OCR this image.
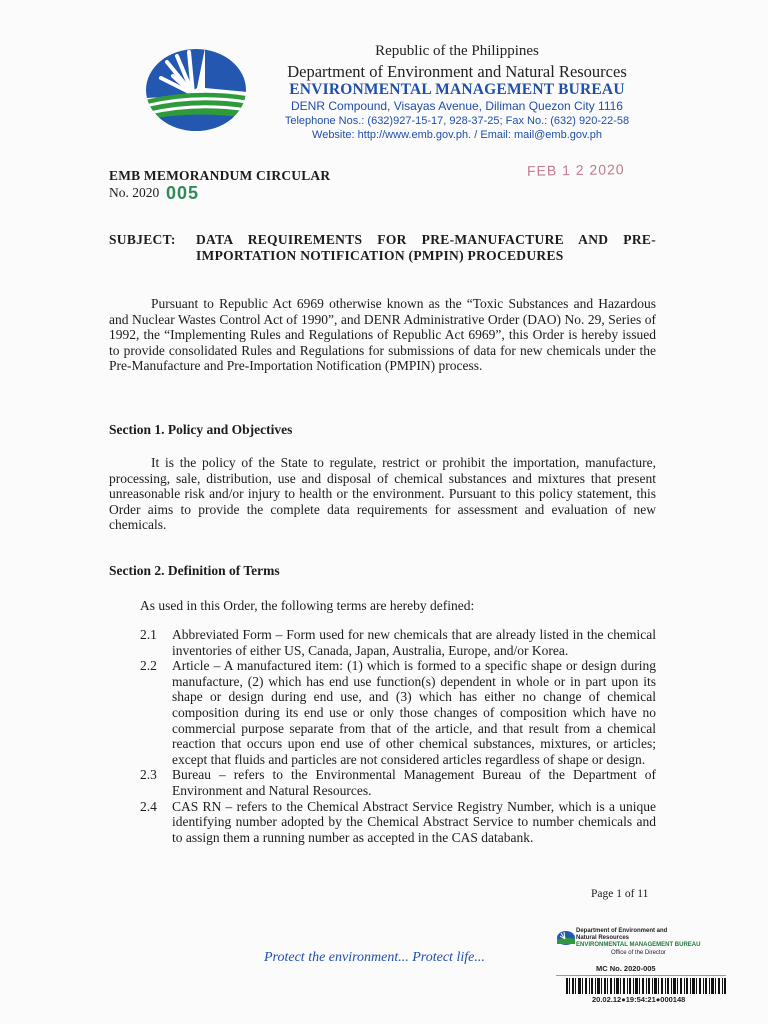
Republic of the Philippines
Department of Environment and Natural Resources
ENVIRONMENTAL MANAGEMENT BUREAU
DENR Compound, Visayas Avenue, Diliman Quezon City 1116
Telephone Nos.: (632)927-15-17, 928-37-25; Fax No.: (632) 920-22-58
Website: http://www.emb.gov.ph. / Email: mail@emb.gov.ph
EMB MEMORANDUM CIRCULAR
No. 2020 005
FEB 1 2 2020
SUBJECT: DATA REQUIREMENTS FOR PRE-MANUFACTURE AND PRE-IMPORTATION NOTIFICATION (PMPIN) PROCEDURES
Pursuant to Republic Act 6969 otherwise known as the “Toxic Substances and Hazardous and Nuclear Wastes Control Act of 1990”, and DENR Administrative Order (DAO) No. 29, Series of 1992, the “Implementing Rules and Regulations of Republic Act 6969”, this Order is hereby issued to provide consolidated Rules and Regulations for submissions of data for new chemicals under the Pre-Manufacture and Pre-Importation Notification (PMPIN) process.
Section 1. Policy and Objectives
It is the policy of the State to regulate, restrict or prohibit the importation, manufacture, processing, sale, distribution, use and disposal of chemical substances and mixtures that present unreasonable risk and/or injury to health or the environment. Pursuant to this policy statement, this Order aims to provide the complete data requirements for assessment and evaluation of new chemicals.
Section 2. Definition of Terms
As used in this Order, the following terms are hereby defined:
2.1	Abbreviated Form – Form used for new chemicals that are already listed in the chemical inventories of either US, Canada, Japan, Australia, Europe, and/or Korea.
2.2	Article – A manufactured item: (1) which is formed to a specific shape or design during manufacture, (2) which has end use function(s) dependent in whole or in part upon its shape or design during end use, and (3) which has either no change of chemical composition during its end use or only those changes of composition which have no commercial purpose separate from that of the article, and that result from a chemical reaction that occurs upon end use of other chemical substances, mixtures, or articles; except that fluids and particles are not considered articles regardless of shape or design.
2.3	Bureau – refers to the Environmental Management Bureau of the Department of Environment and Natural Resources.
2.4	CAS RN – refers to the Chemical Abstract Service Registry Number, which is a unique identifying number adopted by the Chemical Abstract Service to number chemicals and to assign them a running number as accepted in the CAS databank.
Page 1 of 11
Protect the environment... Protect life...
Department of Environment and
Natural Resources
ENVIRONMENTAL MANAGEMENT BUREAU
Office of the Director
MC No. 2020-005
20.02.12●19:54:21●000148
